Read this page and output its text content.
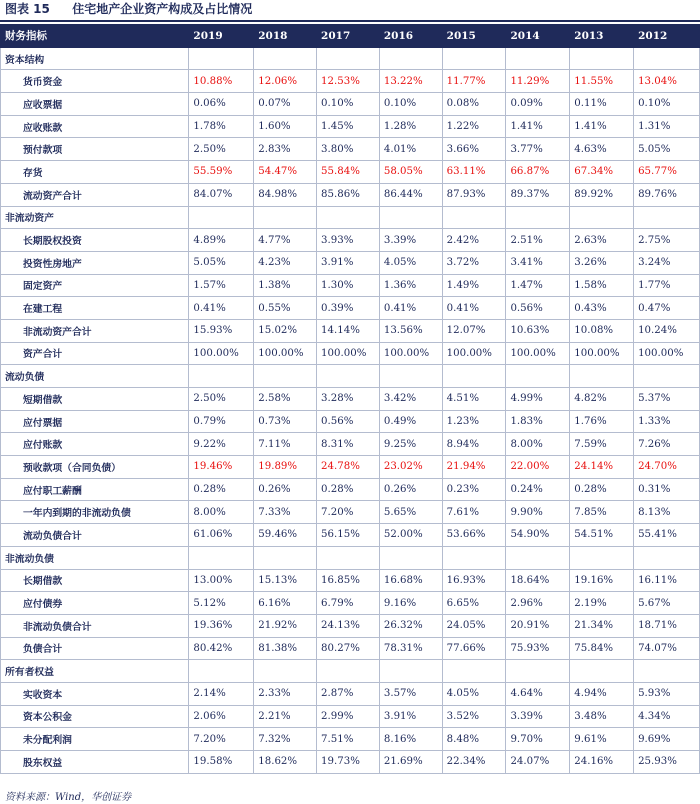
图表 15 住宅地产企业资产构成及占比情况
财务指标	2019	2018	2017	2016	2015	2014	2013	2012
资本结构								
货币资金	10.88%	12.06%	12.53%	13.22%	11.77%	11.29%	11.55%	13.04%
应收票据	0.06%	0.07%	0.10%	0.10%	0.08%	0.09%	0.11%	0.10%
应收账款	1.78%	1.60%	1.45%	1.28%	1.22%	1.41%	1.41%	1.31%
预付款项	2.50%	2.83%	3.80%	4.01%	3.66%	3.77%	4.63%	5.05%
存货	55.59%	54.47%	55.84%	58.05%	63.11%	66.87%	67.34%	65.77%
流动资产合计	84.07%	84.98%	85.86%	86.44%	87.93%	89.37%	89.92%	89.76%
非流动资产								
长期股权投资	4.89%	4.77%	3.93%	3.39%	2.42%	2.51%	2.63%	2.75%
投资性房地产	5.05%	4.23%	3.91%	4.05%	3.72%	3.41%	3.26%	3.24%
固定资产	1.57%	1.38%	1.30%	1.36%	1.49%	1.47%	1.58%	1.77%
在建工程	0.41%	0.55%	0.39%	0.41%	0.41%	0.56%	0.43%	0.47%
非流动资产合计	15.93%	15.02%	14.14%	13.56%	12.07%	10.63%	10.08%	10.24%
资产合计	100.00%	100.00%	100.00%	100.00%	100.00%	100.00%	100.00%	100.00%
流动负债								
短期借款	2.50%	2.58%	3.28%	3.42%	4.51%	4.99%	4.82%	5.37%
应付票据	0.79%	0.73%	0.56%	0.49%	1.23%	1.83%	1.76%	1.33%
应付账款	9.22%	7.11%	8.31%	9.25%	8.94%	8.00%	7.59%	7.26%
预收款项（合同负债）	19.46%	19.89%	24.78%	23.02%	21.94%	22.00%	24.14%	24.70%
应付职工薪酬	0.28%	0.26%	0.28%	0.26%	0.23%	0.24%	0.28%	0.31%
一年内到期的非流动负债	8.00%	7.33%	7.20%	5.65%	7.61%	9.90%	7.85%	8.13%
流动负债合计	61.06%	59.46%	56.15%	52.00%	53.66%	54.90%	54.51%	55.41%
非流动负债								
长期借款	13.00%	15.13%	16.85%	16.68%	16.93%	18.64%	19.16%	16.11%
应付债券	5.12%	6.16%	6.79%	9.16%	6.65%	2.96%	2.19%	5.67%
非流动负债合计	19.36%	21.92%	24.13%	26.32%	24.05%	20.91%	21.34%	18.71%
负债合计	80.42%	81.38%	80.27%	78.31%	77.66%	75.93%	75.84%	74.07%
所有者权益								
实收资本	2.14%	2.33%	2.87%	3.57%	4.05%	4.64%	4.94%	5.93%
资本公积金	2.06%	2.21%	2.99%	3.91%	3.52%	3.39%	3.48%	4.34%
未分配利润	7.20%	7.32%	7.51%	8.16%	8.48%	9.70%	9.61%	9.69%
股东权益	19.58%	18.62%	19.73%	21.69%	22.34%	24.07%	24.16%	25.93%
资料来源：Wind，华创证券
